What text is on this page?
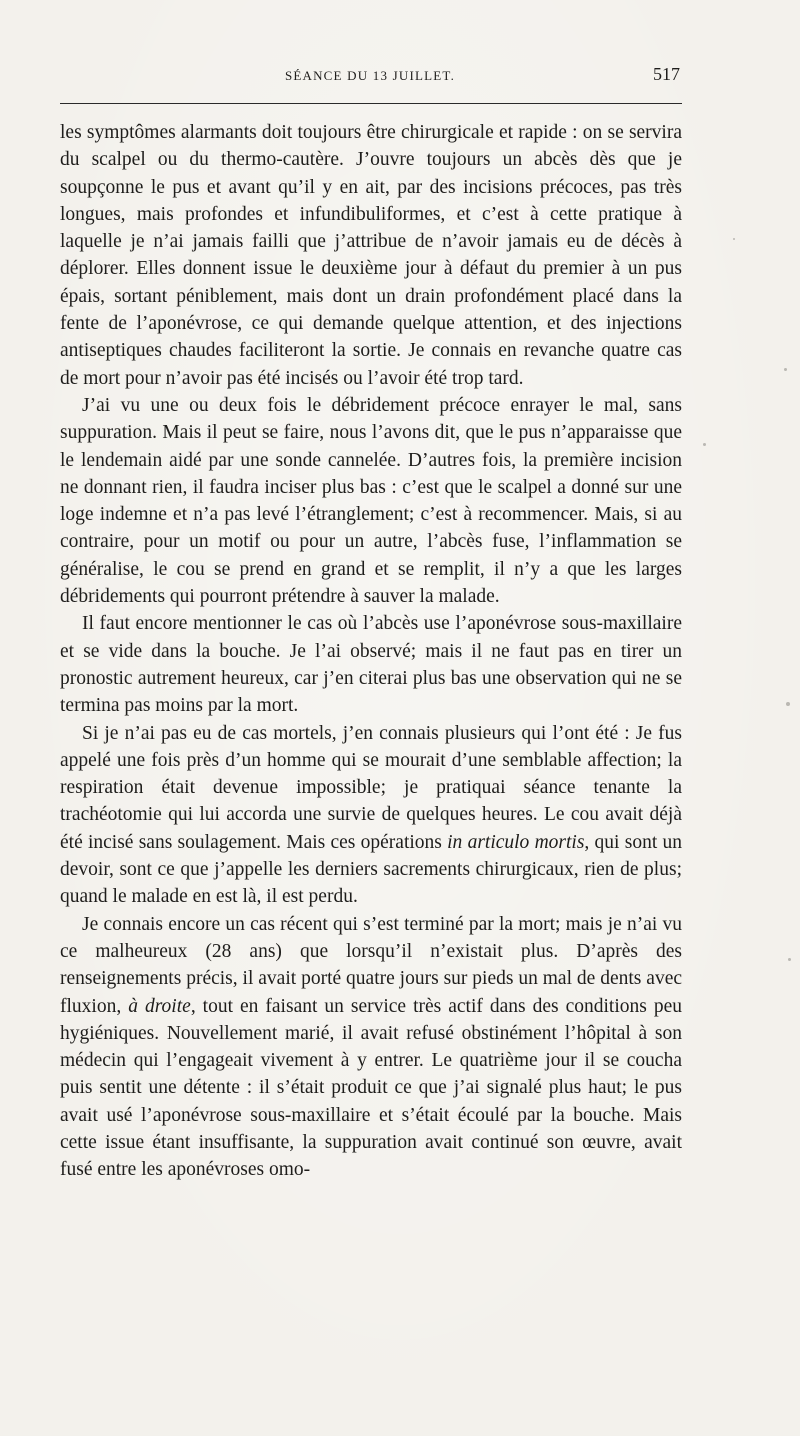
SÉANCE DU 13 JUILLET.	517

les symptômes alarmants doit toujours être chirurgicale et rapide : on se servira du scalpel ou du thermo-cautère. J’ouvre toujours un abcès dès que je soupçonne le pus et avant qu’il y en ait, par des incisions précoces, pas très longues, mais profondes et infundibuliformes, et c’est à cette pratique à laquelle je n’ai jamais failli que j’attribue de n’avoir jamais eu de décès à déplorer. Elles donnent issue le deuxième jour à défaut du premier à un pus épais, sortant péniblement, mais dont un drain profondément placé dans la fente de l’aponévrose, ce qui demande quelque attention, et des injections antiseptiques chaudes faciliteront la sortie. Je connais en revanche quatre cas de mort pour n’avoir pas été incisés ou l’avoir été trop tard.

J’ai vu une ou deux fois le débridement précoce enrayer le mal, sans suppuration. Mais il peut se faire, nous l’avons dit, que le pus n’apparaisse que le lendemain aidé par une sonde cannelée. D’autres fois, la première incision ne donnant rien, il faudra inciser plus bas : c’est que le scalpel a donné sur une loge indemne et n’a pas levé l’étranglement; c’est à recommencer. Mais, si au contraire, pour un motif ou pour un autre, l’abcès fuse, l’inflammation se généralise, le cou se prend en grand et se remplit, il n’y a que les larges débridements qui pourront prétendre à sauver la malade.

Il faut encore mentionner le cas où l’abcès use l’aponévrose sous-maxillaire et se vide dans la bouche. Je l’ai observé; mais il ne faut pas en tirer un pronostic autrement heureux, car j’en citerai plus bas une observation qui ne se termina pas moins par la mort.

Si je n’ai pas eu de cas mortels, j’en connais plusieurs qui l’ont été : Je fus appelé une fois près d’un homme qui se mourait d’une semblable affection; la respiration était devenue impossible; je pratiquai séance tenante la trachéotomie qui lui accorda une survie de quelques heures. Le cou avait déjà été incisé sans soulagement. Mais ces opérations in articulo mortis, qui sont un devoir, sont ce que j’appelle les derniers sacrements chirurgicaux, rien de plus; quand le malade en est là, il est perdu.

Je connais encore un cas récent qui s’est terminé par la mort; mais je n’ai vu ce malheureux (28 ans) que lorsqu’il n’existait plus. D’après des renseignements précis, il avait porté quatre jours sur pieds un mal de dents avec fluxion, à droite, tout en faisant un service très actif dans des conditions peu hygiéniques. Nouvellement marié, il avait refusé obstinément l’hôpital à son médecin qui l’engageait vivement à y entrer. Le quatrième jour il se coucha puis sentit une détente : il s’était produit ce que j’ai signalé plus haut; le pus avait usé l’aponévrose sous-maxillaire et s’était écoulé par la bouche. Mais cette issue étant insuffisante, la suppuration avait continué son œuvre, avait fusé entre les aponévroses omo-
